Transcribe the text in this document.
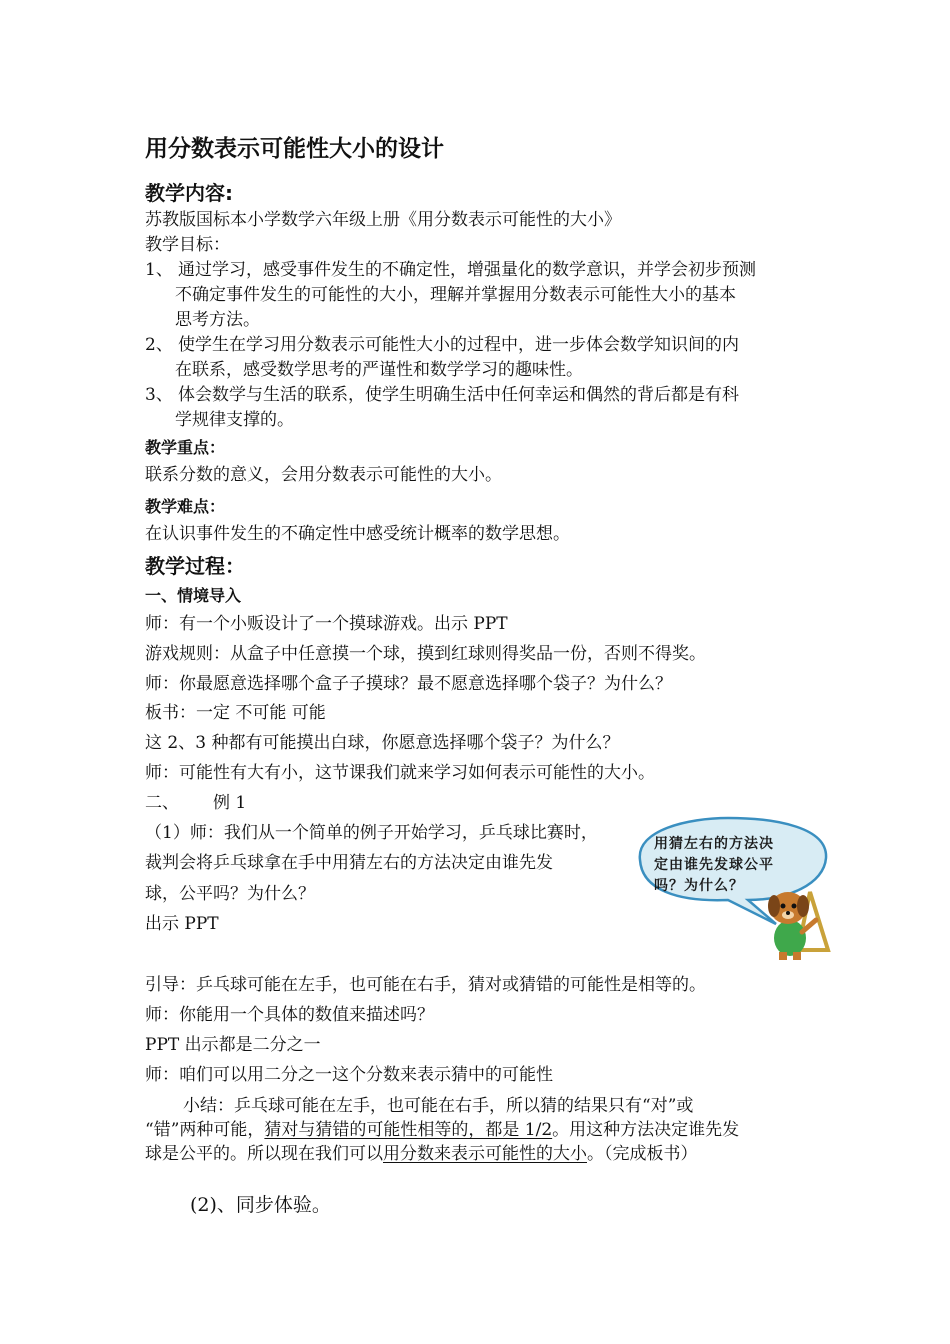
用分数表示可能性大小的设计
教学内容:
苏教版国标本小学数学六年级上册《用分数表示可能性的大小》
教学目标：
1、 通过学习，感受事件发生的不确定性，增强量化的数学意识，并学会初步预测
不确定事件发生的可能性的大小，理解并掌握用分数表示可能性大小的基本
思考方法。
2、 使学生在学习用分数表示可能性大小的过程中，进一步体会数学知识间的内
在联系，感受数学思考的严谨性和数学学习的趣味性。
3、 体会数学与生活的联系，使学生明确生活中任何幸运和偶然的背后都是有科
学规律支撑的。
教学重点：
联系分数的意义，会用分数表示可能性的大小。
教学难点：
在认识事件发生的不确定性中感受统计概率的数学思想。
教学过程：
一、情境导入
师：有一个小贩设计了一个摸球游戏。出示 PPT
游戏规则：从盒子中任意摸一个球，摸到红球则得奖品一份，否则不得奖。
师：你最愿意选择哪个盒子子摸球？最不愿意选择哪个袋子？为什么？
板书：一定 不可能 可能
这 2、3 种都有可能摸出白球，你愿意选择哪个袋子？为什么？
师：可能性有大有小，这节课我们就来学习如何表示可能性的大小。
二、 例 1
（1）师：我们从一个简单的例子开始学习，乒乓球比赛时，
裁判会将乒乓球拿在手中用猜左右的方法决定由谁先发
球，公平吗？为什么？
出示 PPT
用猜左右的方法决
定由谁先发球公平
吗？为什么？
引导：乒乓球可能在左手，也可能在右手，猜对或猜错的可能性是相等的。
师：你能用一个具体的数值来描述吗？
PPT 出示都是二分之一
师：咱们可以用二分之一这个分数来表示猜中的可能性
小结：乒乓球可能在左手，也可能在右手，所以猜的结果只有“对”或
“错”两种可能，猜对与猜错的可能性相等的，都是 1/2。用这种方法决定谁先发
球是公平的。所以现在我们可以用分数来表示可能性的大小。（完成板书）
(2)、同步体验。
